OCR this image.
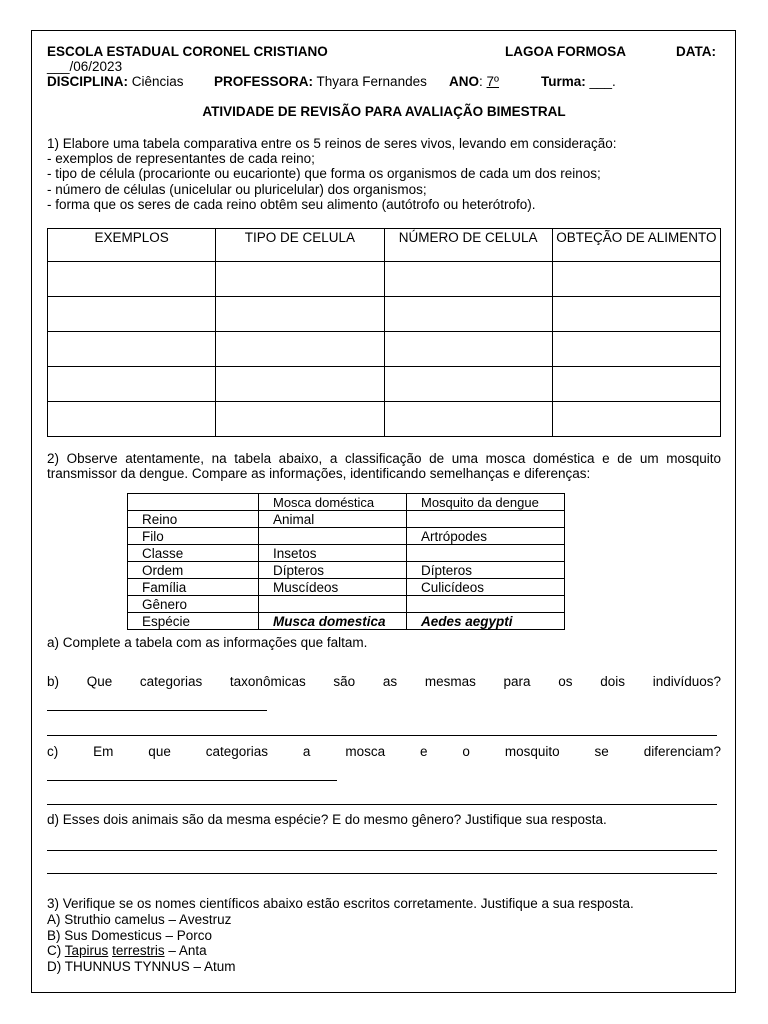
ESCOLA ESTADUAL CORONEL CRISTIANO	LAGOA FORMOSA	DATA:
___/06/2023
DISCIPLINA: Ciências PROFESSORA: Thyara Fernandes ANO: 7º	Turma: ___.
ATIVIDADE DE REVISÃO PARA AVALIAÇÃO BIMESTRAL
1) Elabore uma tabela comparativa entre os 5 reinos de seres vivos, levando em consideração:
- exemplos de representantes de cada reino;
- tipo de célula (procarionte ou eucarionte) que forma os organismos de cada um dos reinos;
- número de células (unicelular ou pluricelular) dos organismos;
- forma que os seres de cada reino obtêm seu alimento (autótrofo ou heterótrofo).
EXEMPLOS	TIPO DE CELULA	NÚMERO DE CELULA	OBTEÇÃO DE ALIMENTO

2) Observe atentamente, na tabela abaixo, a classificação de uma mosca doméstica e de um mosquito
transmissor da dengue. Compare as informações, identificando semelhanças e diferenças:
	Mosca doméstica	Mosquito da dengue
Reino	Animal	
Filo		Artrópodes
Classe	Insetos	
Ordem	Dípteros	Dípteros
Família	Muscídeos	Culicídeos
Gênero		
Espécie	Musca domestica	Aedes aegypti
a) Complete a tabela com as informações que faltam.
b) Que categorias taxonômicas são as mesmas para os dois indivíduos?
c) Em que categorias a mosca e o mosquito se diferenciam?
d) Esses dois animais são da mesma espécie? E do mesmo gênero? Justifique sua resposta.
3) Verifique se os nomes científicos abaixo estão escritos corretamente. Justifique a sua resposta.
A) Struthio camelus – Avestruz
B) Sus Domesticus – Porco
C) Tapirus terrestris – Anta
D) THUNNUS TYNNUS – Atum
